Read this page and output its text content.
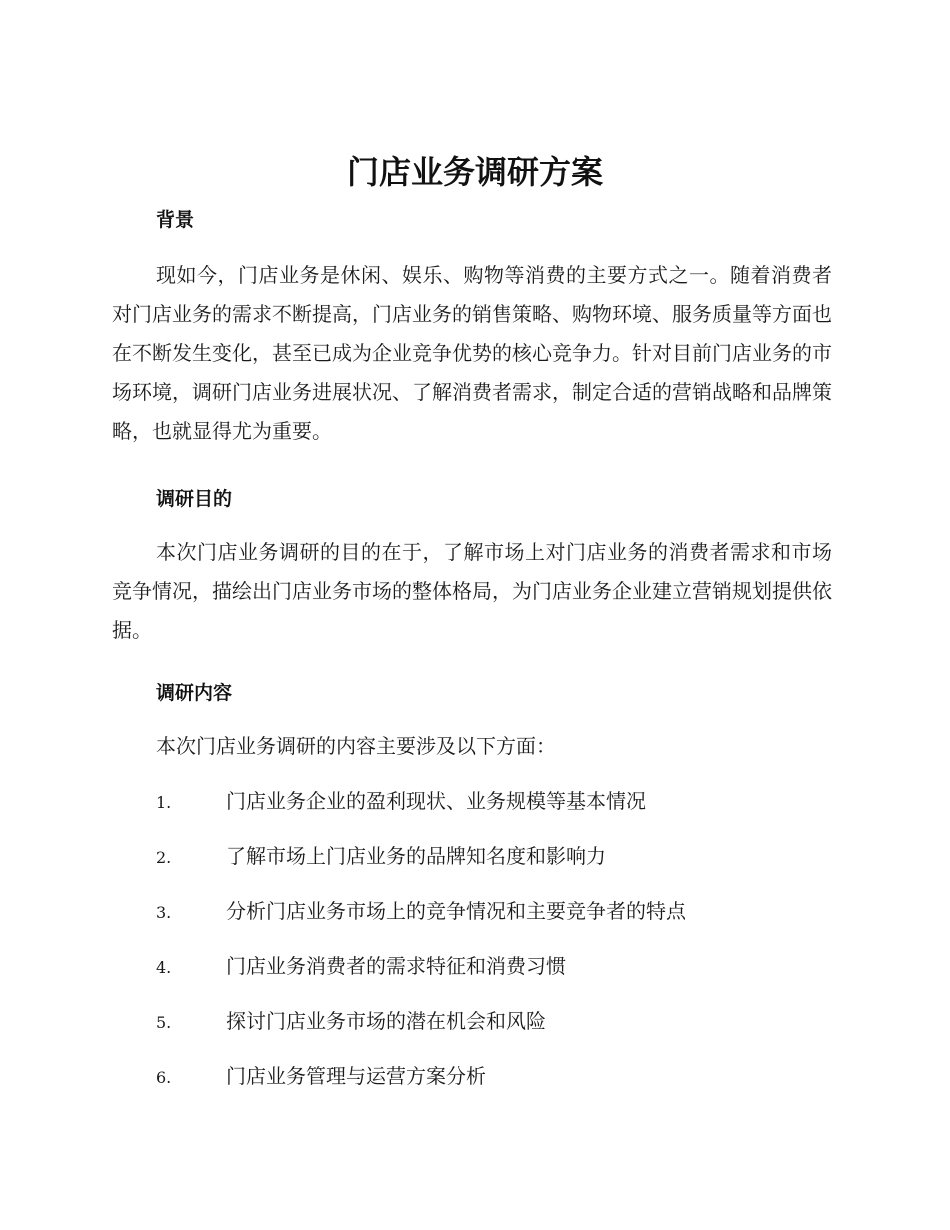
门店业务调研方案
背景

现如今，门店业务是休闲、娱乐、购物等消费的主要方式之一。随着消费者对门店业务的需求不断提高，门店业务的销售策略、购物环境、服务质量等方面也在不断发生变化，甚至已成为企业竞争优势的核心竞争力。针对目前门店业务的市场环境，调研门店业务进展状况、了解消费者需求，制定合适的营销战略和品牌策略，也就显得尤为重要。

调研目的

本次门店业务调研的目的在于，了解市场上对门店业务的消费者需求和市场竞争情况，描绘出门店业务市场的整体格局，为门店业务企业建立营销规划提供依据。

调研内容

本次门店业务调研的内容主要涉及以下方面：

1.	门店业务企业的盈利现状、业务规模等基本情况
2.	了解市场上门店业务的品牌知名度和影响力
3.	分析门店业务市场上的竞争情况和主要竞争者的特点
4.	门店业务消费者的需求特征和消费习惯
5.	探讨门店业务市场的潜在机会和风险
6.	门店业务管理与运营方案分析
